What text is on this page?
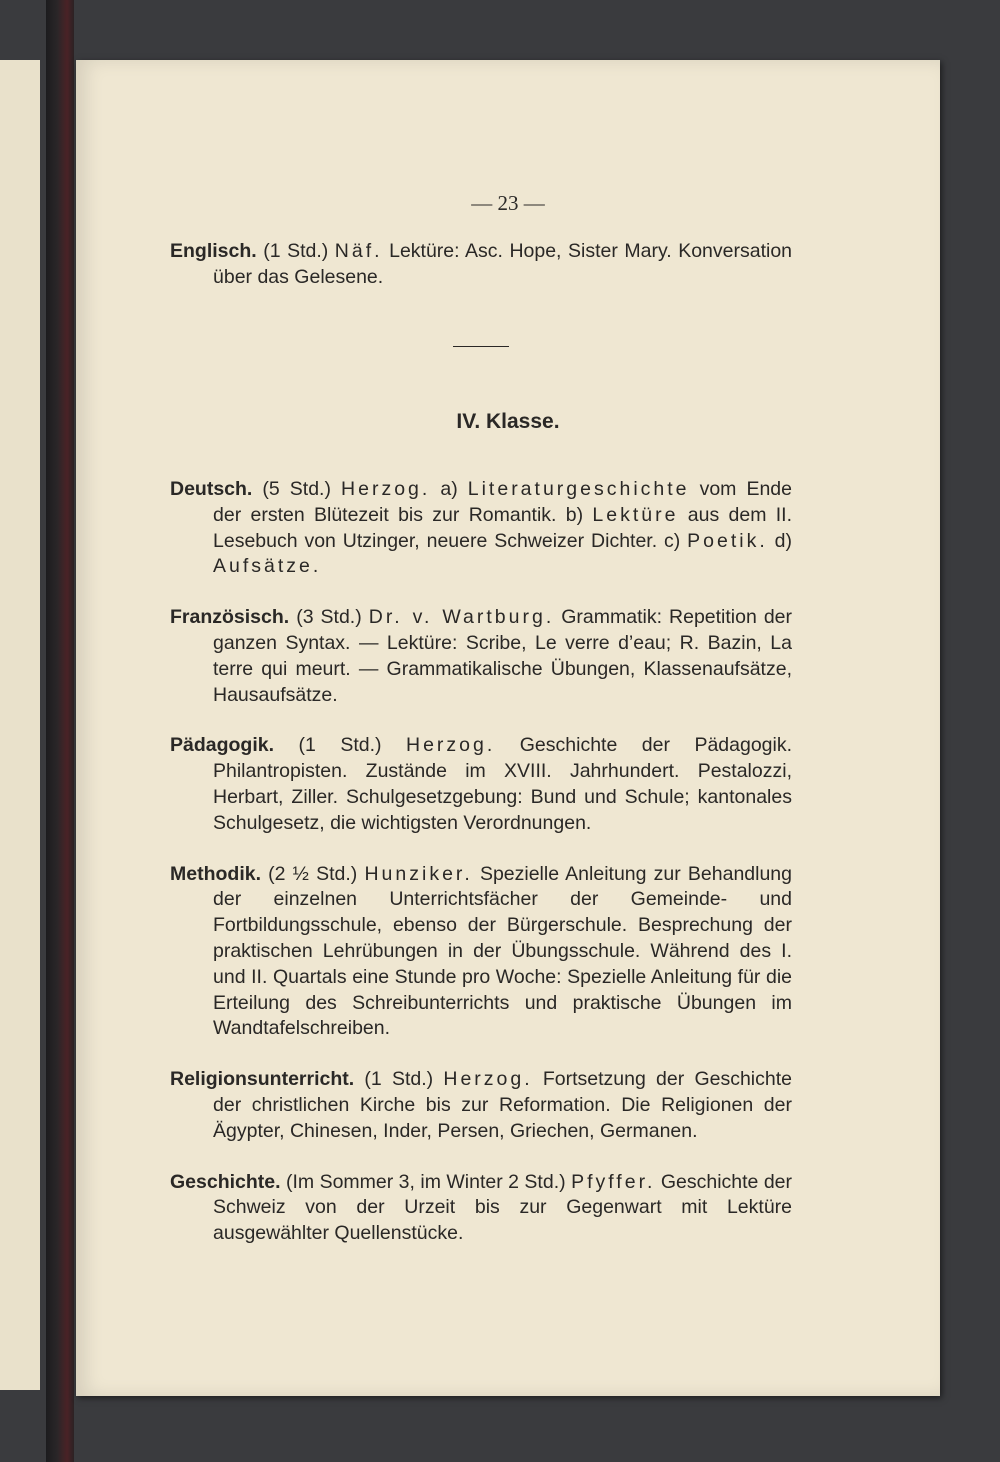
— 23 —

Englisch. (1 Std.) Näf. Lektüre: Asc. Hope, Sister Mary. Konversation über das Gelesene.

IV. Klasse.

Deutsch. (5 Std.) Herzog. a) Literaturgeschichte vom Ende der ersten Blütezeit bis zur Romantik. b) Lektüre aus dem II. Lesebuch von Utzinger, neuere Schweizer Dichter. c) Poetik. d) Aufsätze.

Französisch. (3 Std.) Dr. v. Wartburg. Grammatik: Repetition der ganzen Syntax. — Lektüre: Scribe, Le verre d’eau; R. Bazin, La terre qui meurt. — Grammatikalische Übungen, Klassenaufsätze, Hausaufsätze.

Pädagogik. (1 Std.) Herzog. Geschichte der Pädagogik. Philantropisten. Zustände im XVIII. Jahrhundert. Pestalozzi, Herbart, Ziller. Schulgesetzgebung: Bund und Schule; kantonales Schulgesetz, die wichtigsten Verordnungen.

Methodik. (2 ½ Std.) Hunziker. Spezielle Anleitung zur Behandlung der einzelnen Unterrichtsfächer der Gemeinde- und Fortbildungsschule, ebenso der Bürgerschule. Besprechung der praktischen Lehrübungen in der Übungsschule. Während des I. und II. Quartals eine Stunde pro Woche: Spezielle Anleitung für die Erteilung des Schreibunterrichts und praktische Übungen im Wandtafelschreiben.

Religionsunterricht. (1 Std.) Herzog. Fortsetzung der Geschichte der christlichen Kirche bis zur Reformation. Die Religionen der Ägypter, Chinesen, Inder, Persen, Griechen, Germanen.

Geschichte. (Im Sommer 3, im Winter 2 Std.) Pfyffer. Geschichte der Schweiz von der Urzeit bis zur Gegenwart mit Lektüre ausgewählter Quellenstücke.
